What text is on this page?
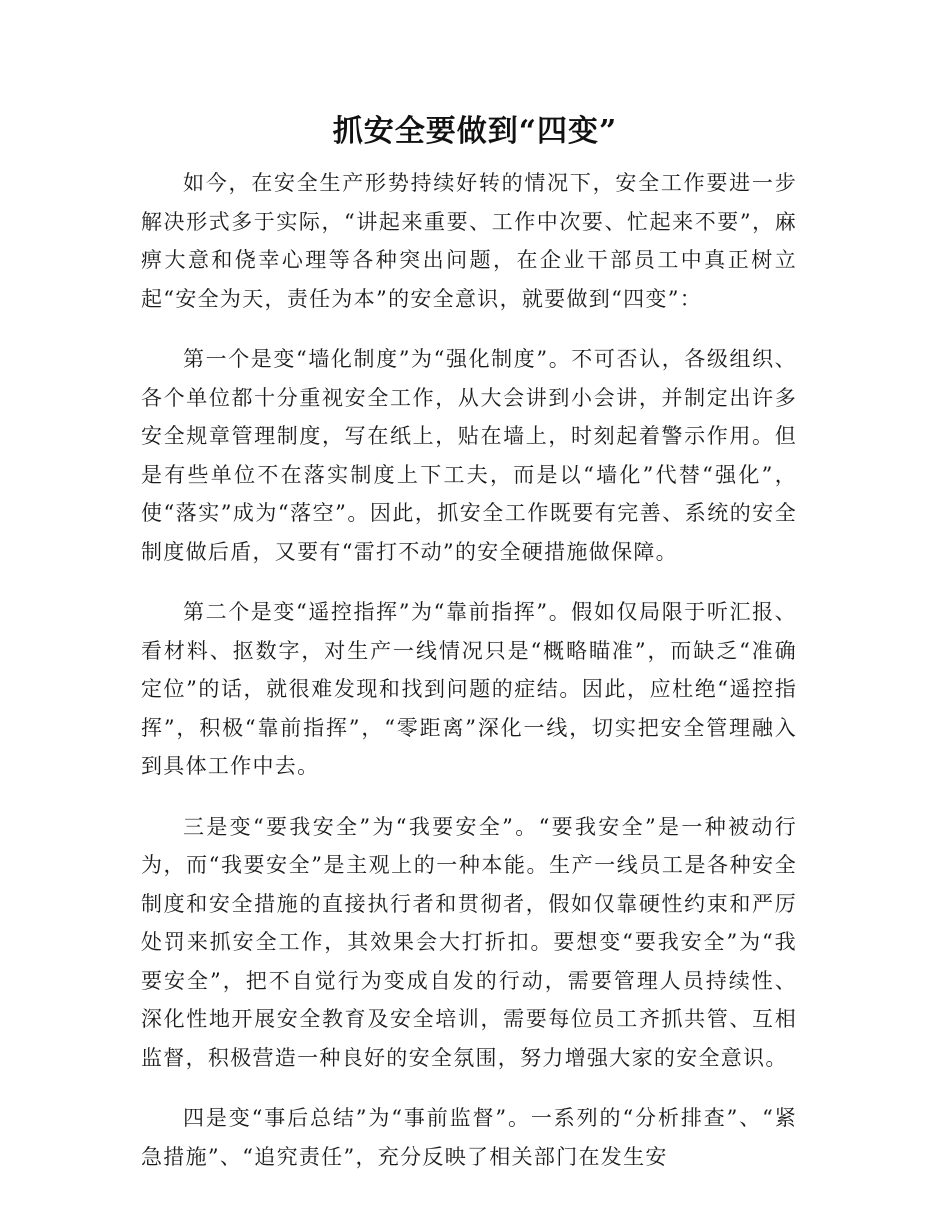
抓安全要做到“四变”

如今，在安全生产形势持续好转的情况下，安全工作要进一步解决形式多于实际，“讲起来重要、工作中次要、忙起来不要”，麻痹大意和侥幸心理等各种突出问题，在企业干部员工中真正树立起“安全为天，责任为本”的安全意识，就要做到“四变”：

第一个是变“墙化制度”为“强化制度”。不可否认，各级组织、各个单位都十分重视安全工作，从大会讲到小会讲，并制定出许多安全规章管理制度，写在纸上，贴在墙上，时刻起着警示作用。但是有些单位不在落实制度上下工夫，而是以“墙化”代替“强化”，使“落实”成为“落空”。因此，抓安全工作既要有完善、系统的安全制度做后盾，又要有“雷打不动”的安全硬措施做保障。

第二个是变“遥控指挥”为“靠前指挥”。假如仅局限于听汇报、看材料、抠数字，对生产一线情况只是“概略瞄准”，而缺乏“准确定位”的话，就很难发现和找到问题的症结。因此，应杜绝“遥控指挥”，积极“靠前指挥”，“零距离”深化一线，切实把安全管理融入到具体工作中去。

三是变“要我安全”为“我要安全”。“要我安全”是一种被动行为，而“我要安全”是主观上的一种本能。生产一线员工是各种安全制度和安全措施的直接执行者和贯彻者，假如仅靠硬性约束和严厉处罚来抓安全工作，其效果会大打折扣。要想变“要我安全”为“我要安全”，把不自觉行为变成自发的行动，需要管理人员持续性、深化性地开展安全教育及安全培训，需要每位员工齐抓共管、互相监督，积极营造一种良好的安全氛围，努力增强大家的安全意识。

四是变“事后总结”为“事前监督”。一系列的“分析排查”、“紧急措施”、“追究责任”，充分反映了相关部门在发生安
